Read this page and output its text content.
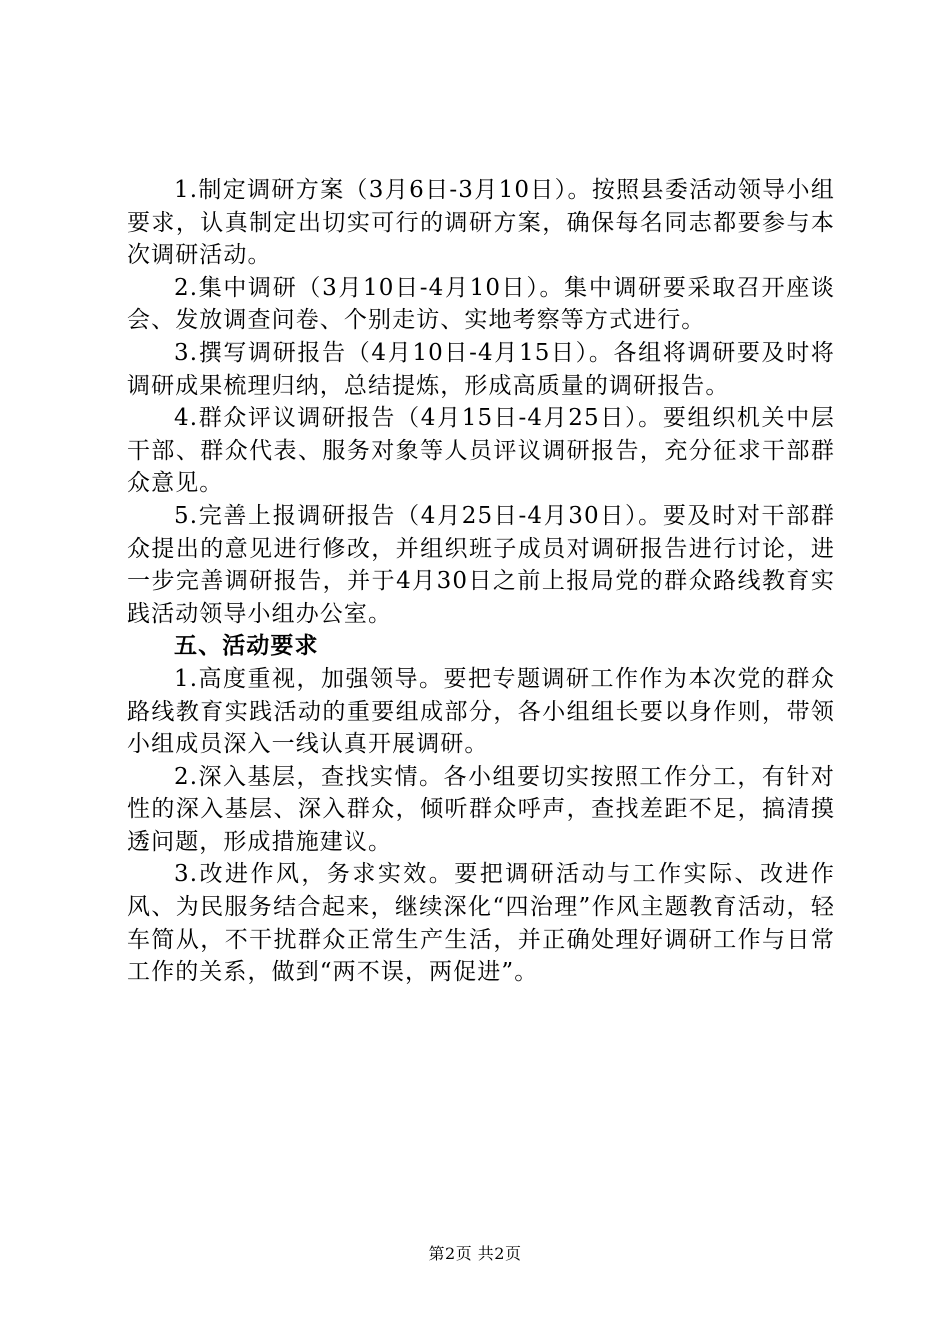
1.制定调研方案（3月6日-3月10日）。按照县委活动领导小组要求，认真制定出切实可行的调研方案，确保每名同志都要参与本次调研活动。

2.集中调研（3月10日-4月10日）。集中调研要采取召开座谈会、发放调查问卷、个别走访、实地考察等方式进行。

3.撰写调研报告（4月10日-4月15日）。各组将调研要及时将调研成果梳理归纳，总结提炼，形成高质量的调研报告。

4.群众评议调研报告（4月15日-4月25日）。要组织机关中层干部、群众代表、服务对象等人员评议调研报告，充分征求干部群众意见。

5.完善上报调研报告（4月25日-4月30日）。要及时对干部群众提出的意见进行修改，并组织班子成员对调研报告进行讨论，进一步完善调研报告，并于4月30日之前上报局党的群众路线教育实践活动领导小组办公室。

五、活动要求

1.高度重视，加强领导。要把专题调研工作作为本次党的群众路线教育实践活动的重要组成部分，各小组组长要以身作则，带领小组成员深入一线认真开展调研。

2.深入基层，查找实情。各小组要切实按照工作分工，有针对性的深入基层、深入群众，倾听群众呼声，查找差距不足，搞清摸透问题，形成措施建议。

3.改进作风，务求实效。要把调研活动与工作实际、改进作风、为民服务结合起来，继续深化“四治理”作风主题教育活动，轻车简从，不干扰群众正常生产生活，并正确处理好调研工作与日常工作的关系，做到“两不误，两促进”。

第2页 共2页
